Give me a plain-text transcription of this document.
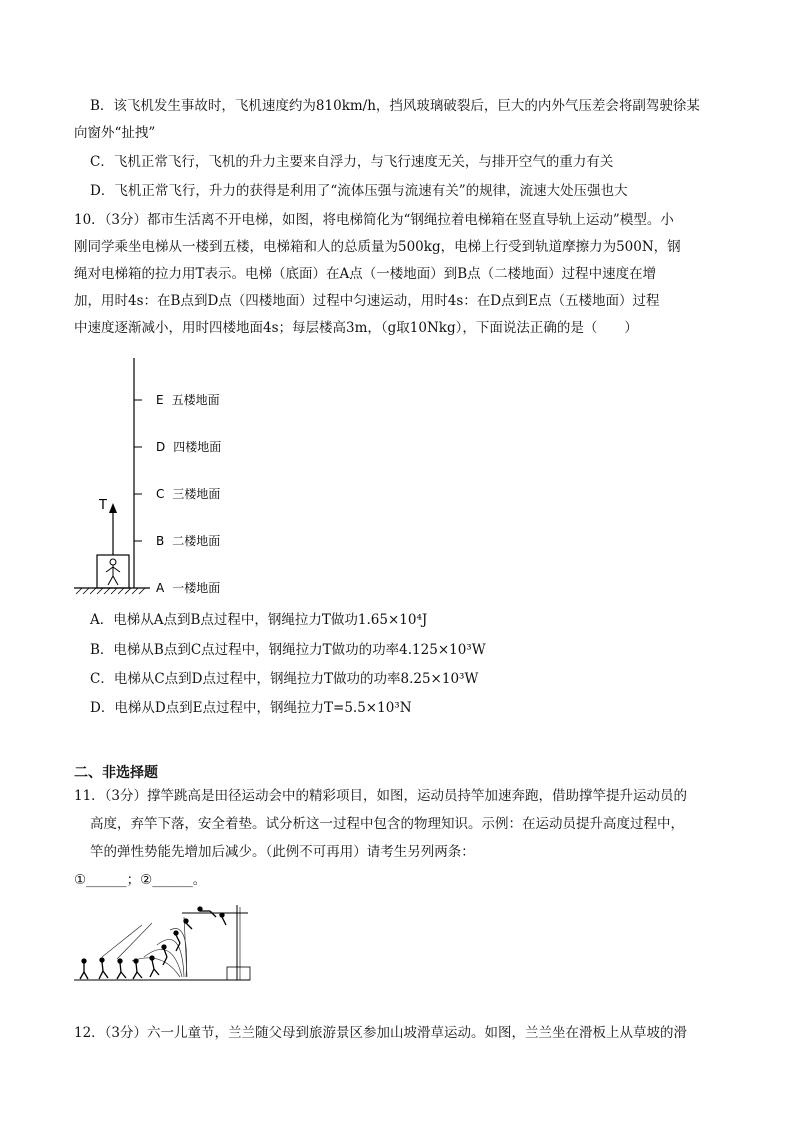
B．该飞机发生事故时，飞机速度约为810km/h，挡风玻璃破裂后，巨大的内外气压差会将副驾驶徐某
向窗外“扯拽”
C．飞机正常飞行，飞机的升力主要来自浮力，与飞行速度无关，与排开空气的重力有关
D．飞机正常飞行，升力的获得是利用了“流体压强与流速有关”的规律，流速大处压强也大
10．（3分）都市生活离不开电梯，如图，将电梯简化为“钢绳拉着电梯箱在竖直导轨上运动”模型。小
刚同学乘坐电梯从一楼到五楼，电梯箱和人的总质量为500kg，电梯上行受到轨道摩擦力为500N，钢
绳对电梯箱的拉力用T表示。电梯（底面）在A点（一楼地面）到B点（二楼地面）过程中速度在增
加，用时4s：在B点到D点（四楼地面）过程中匀速运动，用时4s：在D点到E点（五楼地面）过程
中速度逐渐减小，用时四楼地面4s；每层楼高3m，（g取10Nkg），下面说法正确的是（　　）
T
E 五楼地面
D 四楼地面
C 三楼地面
B 二楼地面
A 一楼地面
A．电梯从A点到B点过程中，钢绳拉力T做功1.65×10⁴J
B．电梯从B点到C点过程中，钢绳拉力T做功的功率4.125×10³W
C．电梯从C点到D点过程中，钢绳拉力T做功的功率8.25×10³W
D．电梯从D点到E点过程中，钢绳拉力T=5.5×10³N
二、非选择题
11．（3分）撑竿跳高是田径运动会中的精彩项目，如图，运动员持竿加速奔跑，借助撑竿提升运动员的
高度，弃竿下落，安全着垫。试分析这一过程中包含的物理知识。示例：在运动员提升高度过程中，
竿的弹性势能先增加后减少。（此例不可再用）请考生另列两条：
①______；②______。
12．（3分）六一儿童节，兰兰随父母到旅游景区参加山坡滑草运动。如图，兰兰坐在滑板上从草坡的滑
